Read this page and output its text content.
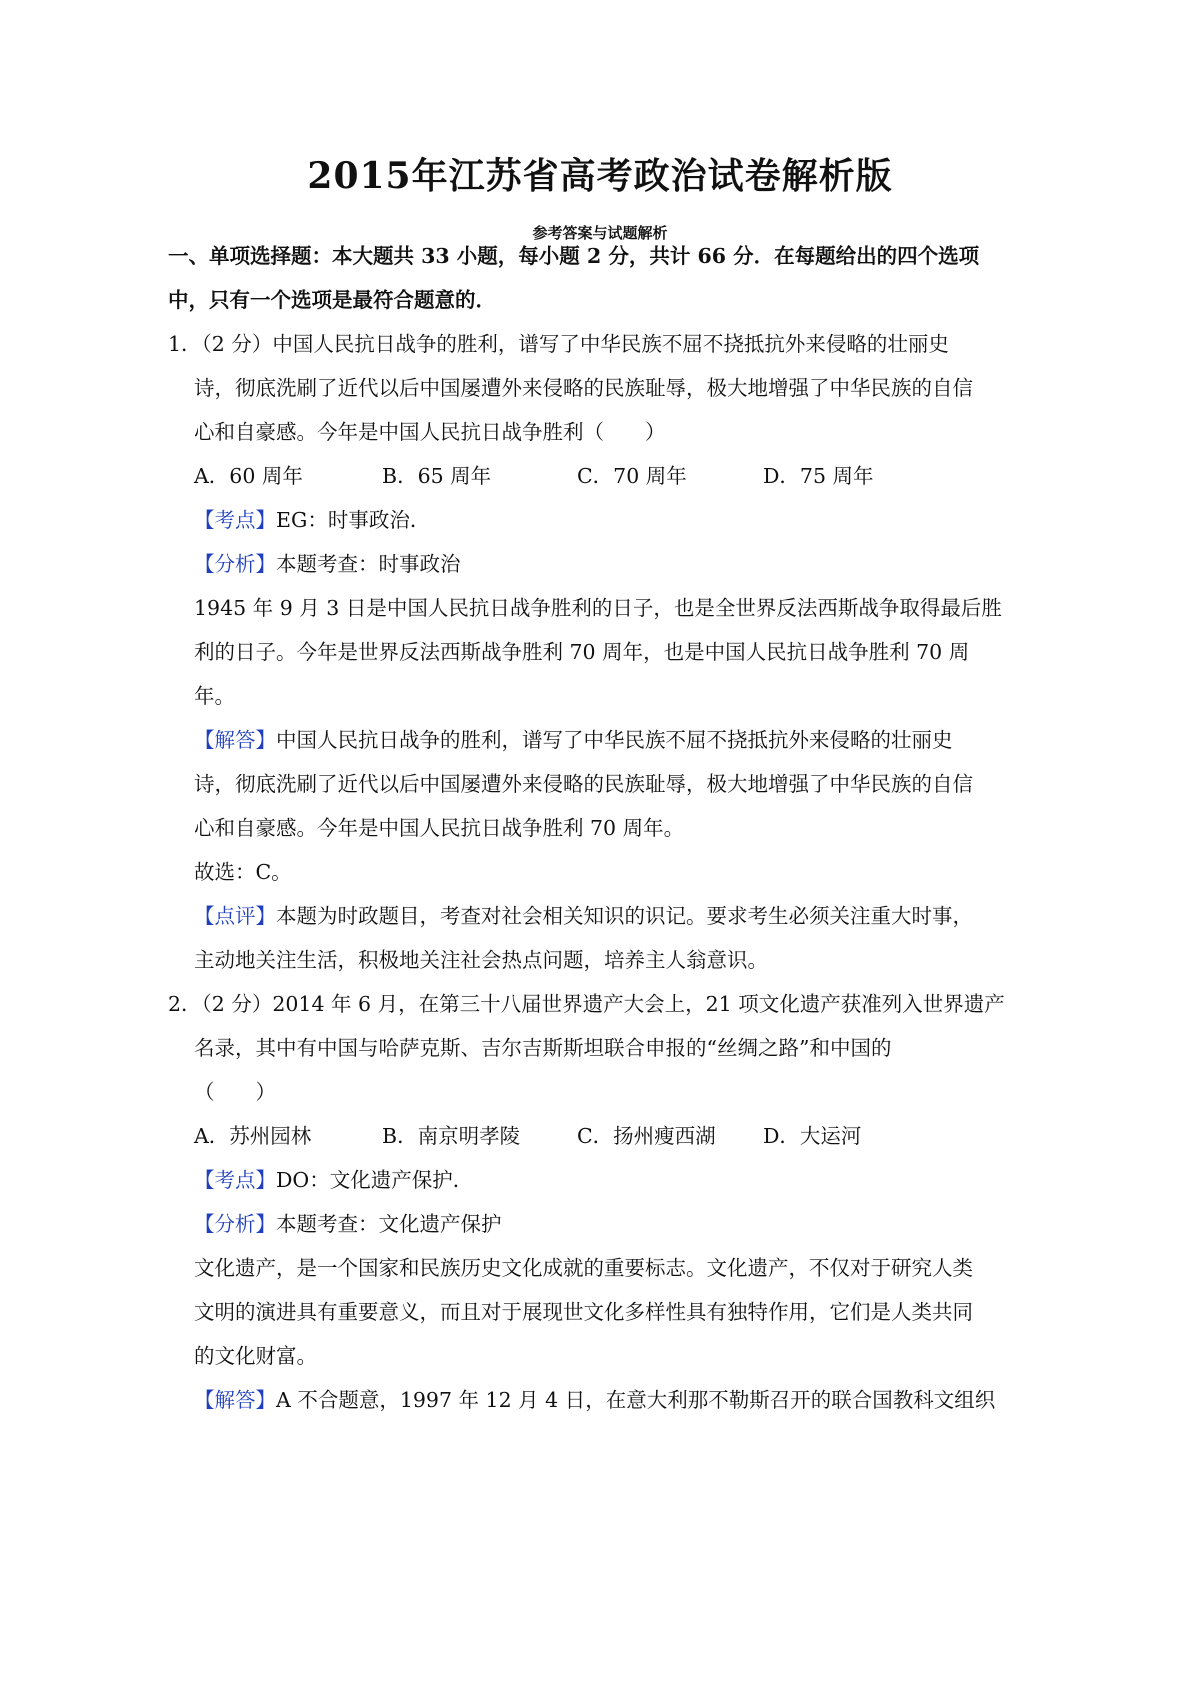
2015年江苏省高考政治试卷解析版
参考答案与试题解析
一、单项选择题：本大题共 33 小题，每小题 2 分，共计 66 分．在每题给出的四个选项
中，只有一个选项是最符合题意的．
1．（2 分）中国人民抗日战争的胜利，谱写了中华民族不屈不挠抵抗外来侵略的壮丽史
诗，彻底洗刷了近代以后中国屡遭外来侵略的民族耻辱，极大地增强了中华民族的自信
心和自豪感。今年是中国人民抗日战争胜利（　　）
A．60 周年	B．65 周年	C．70 周年	D．75 周年
【考点】EG：时事政治．
【分析】本题考查：时事政治
1945 年 9 月 3 日是中国人民抗日战争胜利的日子，也是全世界反法西斯战争取得最后胜
利的日子。今年是世界反法西斯战争胜利 70 周年，也是中国人民抗日战争胜利 70 周
年。
【解答】中国人民抗日战争的胜利，谱写了中华民族不屈不挠抵抗外来侵略的壮丽史
诗，彻底洗刷了近代以后中国屡遭外来侵略的民族耻辱，极大地增强了中华民族的自信
心和自豪感。今年是中国人民抗日战争胜利 70 周年。
故选：C。
【点评】本题为时政题目，考查对社会相关知识的识记。要求考生必须关注重大时事，
主动地关注生活，积极地关注社会热点问题，培养主人翁意识。
2．（2 分）2014 年 6 月，在第三十八届世界遗产大会上，21 项文化遗产获准列入世界遗产
名录，其中有中国与哈萨克斯、吉尔吉斯斯坦联合申报的“丝绸之路”和中国的
（　　）
A．苏州园林	B．南京明孝陵	C．扬州瘦西湖 D．大运河
【考点】DO：文化遗产保护．
【分析】本题考查：文化遗产保护
文化遗产，是一个国家和民族历史文化成就的重要标志。文化遗产，不仅对于研究人类
文明的演进具有重要意义，而且对于展现世文化多样性具有独特作用，它们是人类共同
的文化财富。
【解答】A 不合题意，1997 年 12 月 4 日，在意大利那不勒斯召开的联合国教科文组织
